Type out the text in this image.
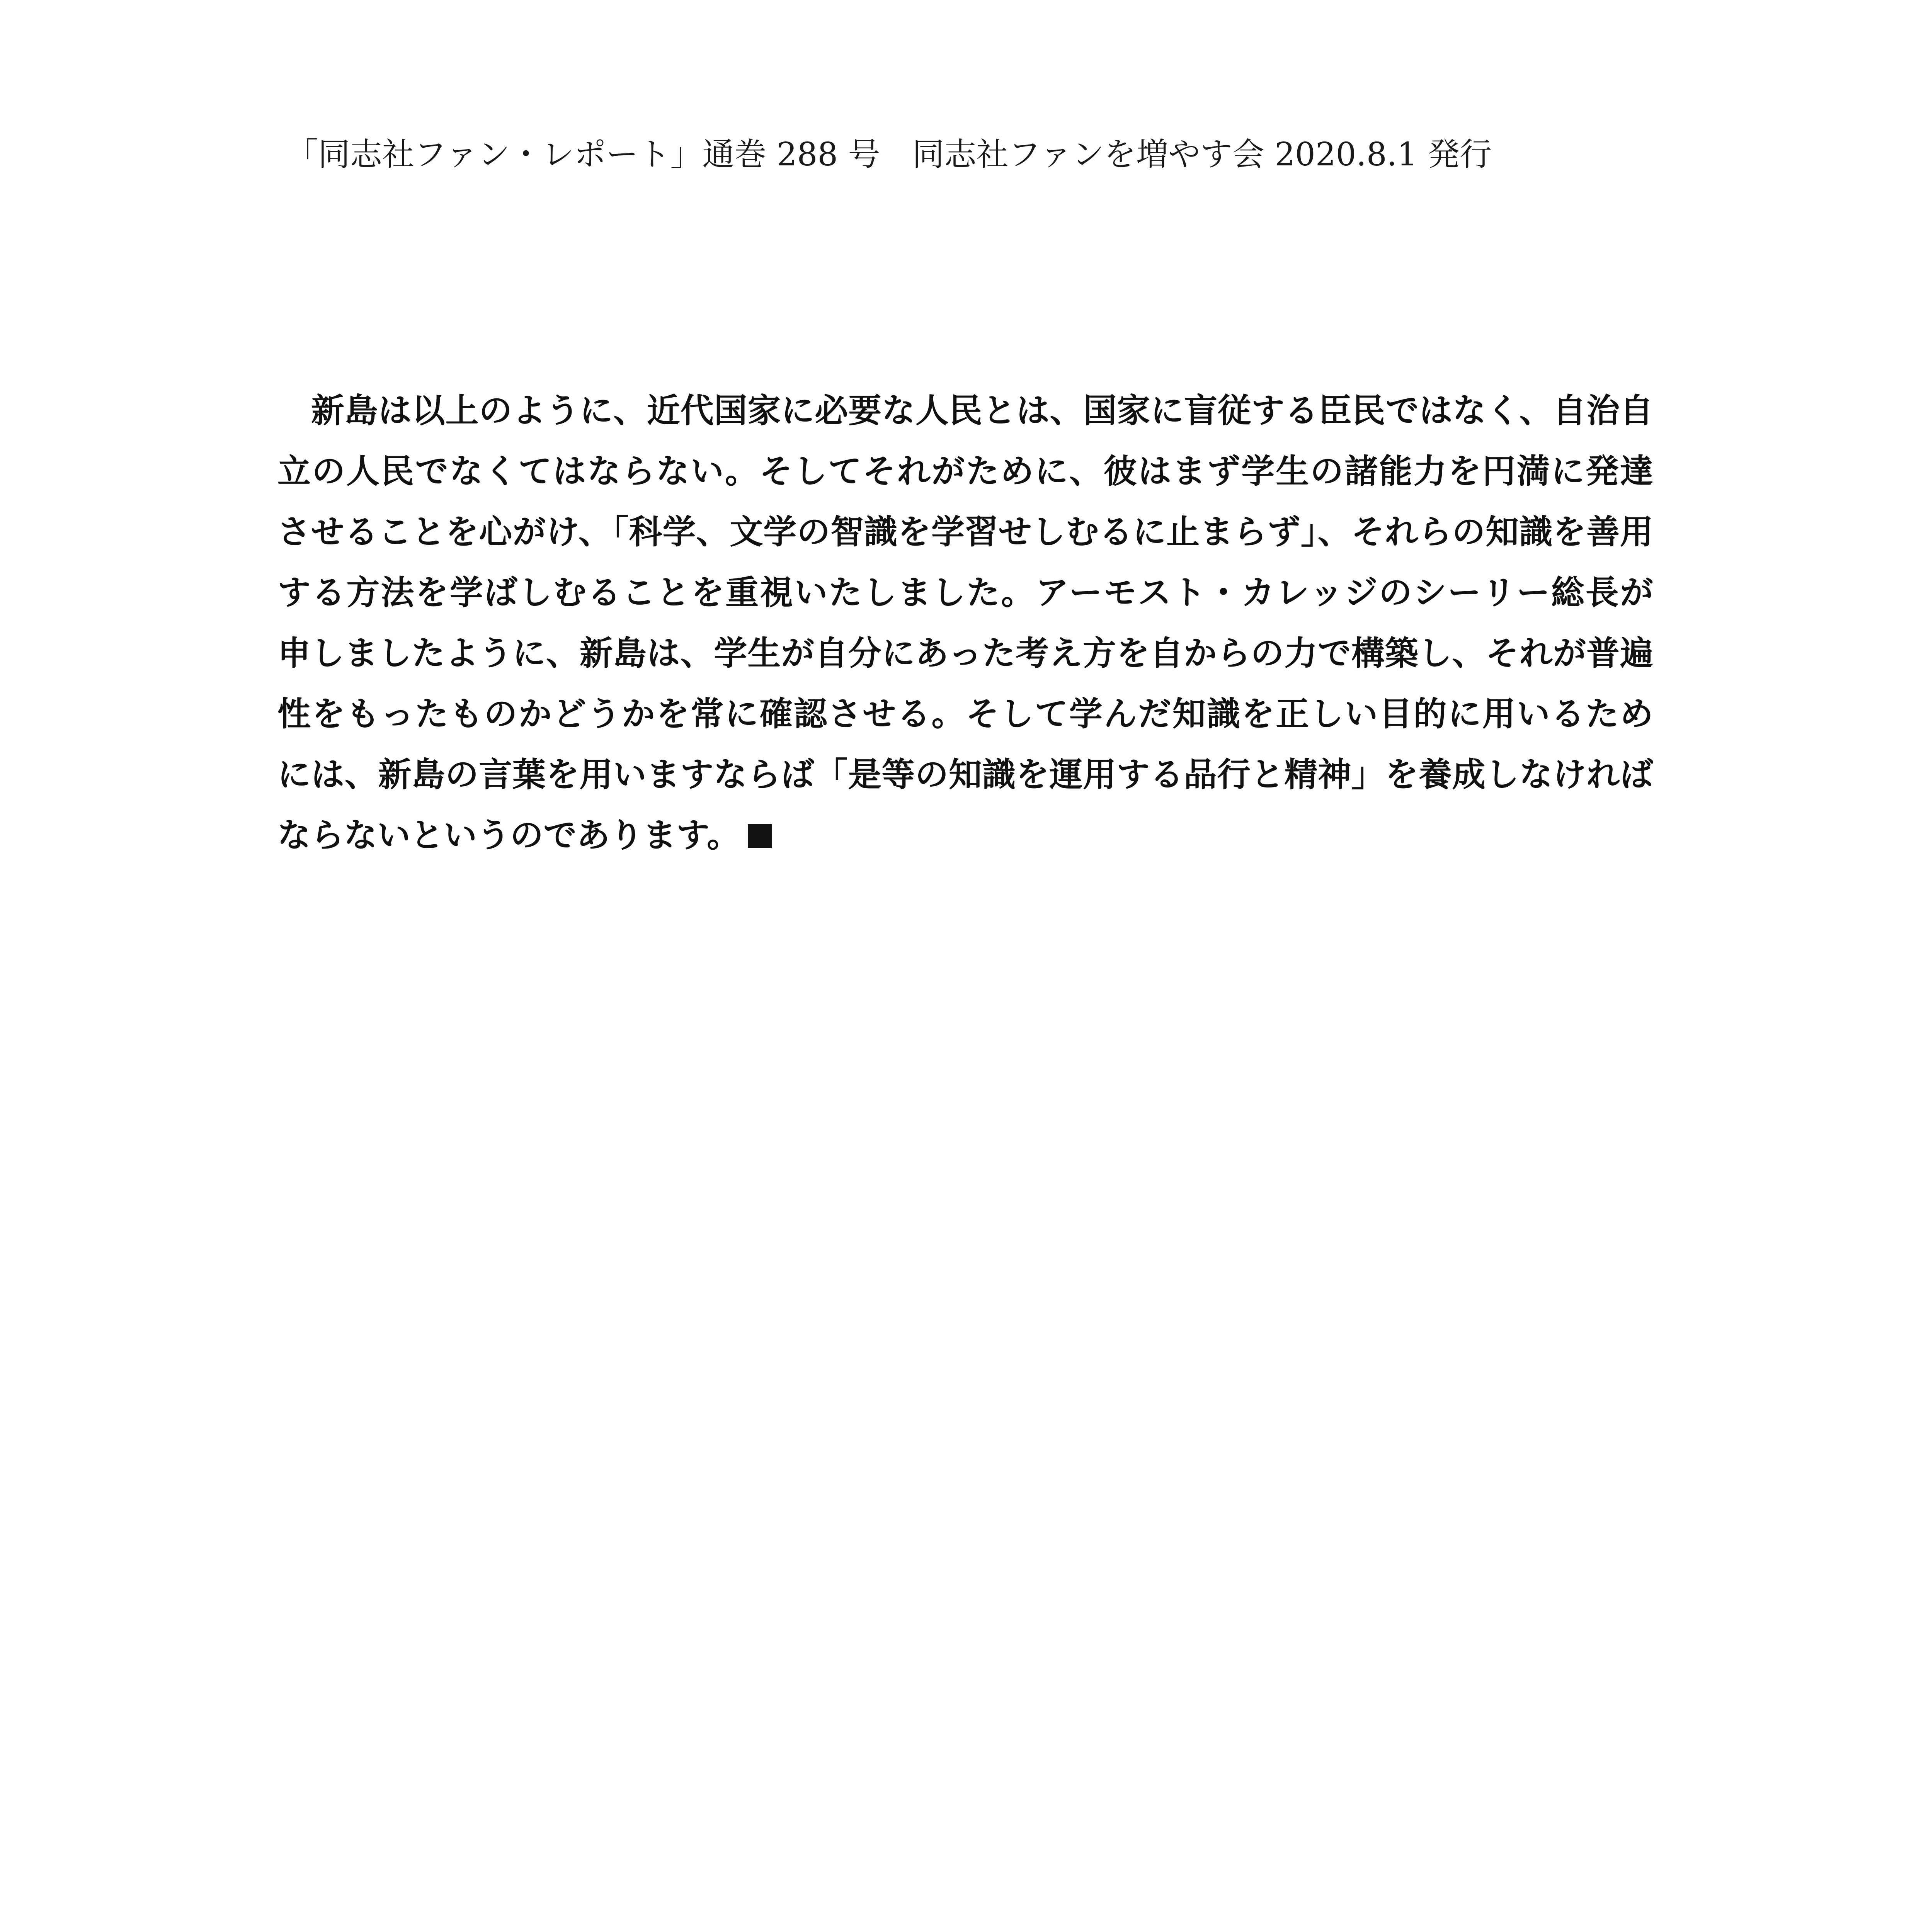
「同志社ファン・レポート」通巻 288 号　同志社ファンを増やす会 2020.8.1 発行
　新島は以上のように、近代国家に必要な人民とは、国家に盲従する臣民ではなく、自治自
立の人民でなくてはならない。そしてそれがために、彼はまず学生の諸能力を円満に発達
させることを心がけ、「科学、文学の智識を学習せしむるに止まらず」、それらの知識を善用
する方法を学ばしむることを重視いたしました。アーモスト・カレッジのシーリー総長が
申しましたように、新島は、学生が自分にあった考え方を自からの力で構築し、それが普遍
性をもったものかどうかを常に確認させる。そして学んだ知識を正しい目的に用いるため
には、新島の言葉を用いますならば「是等の知識を運用する品行と精神」を養成しなければ
ならないというのであります。
